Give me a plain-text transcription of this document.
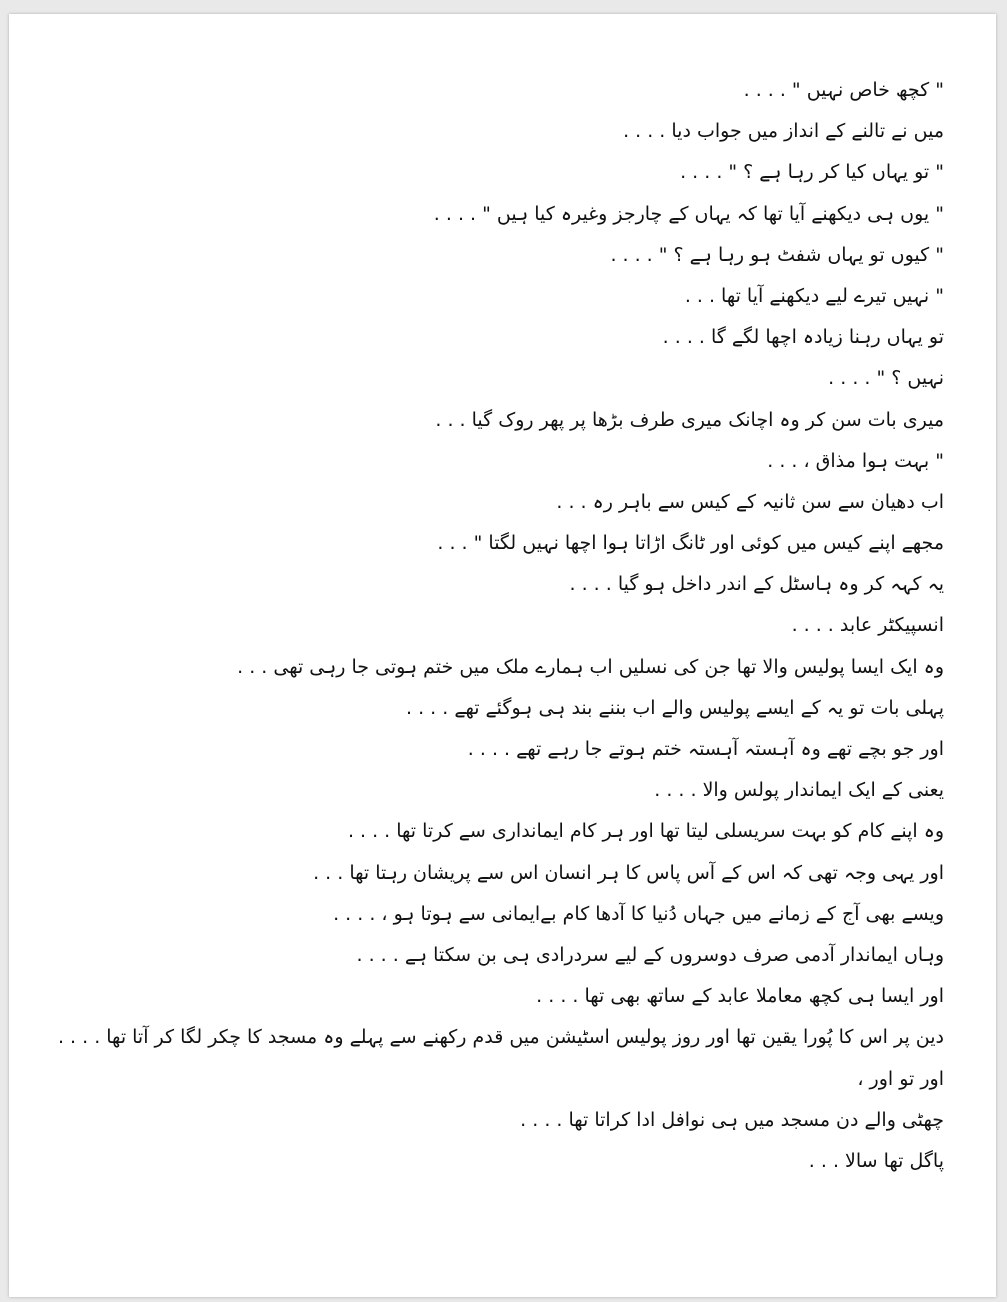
" کچھ خاص نہیں " . . . .
میں نے تالنے کے انداز میں جواب دیا . . . .
" تو یہاں کیا کر رہا ہے ؟ " . . . .
" یوں ہی دیکھنے آیا تھا کہ یہاں کے چارجز وغیرہ کیا ہیں " . . . .
" کیوں تو یہاں شفٹ ہو رہا ہے ؟ " . . . .
" نہیں تیرے لیے دیکھنے آیا تھا . . .
تو یہاں رہنا زیادہ اچھا لگے گا . . . .
نہیں ؟ " . . . .
میری بات سن کر وہ اچانک میری طرف بڑھا پر پھر روک گیا . . .
" بہت ہوا مذاق ، . . .
اب دھیان سے سن ثانیہ کے کیس سے باہر رہ . . .
مجھے اپنے کیس میں کوئی اور ٹانگ اڑاتا ہوا اچھا نہیں لگتا " . . .
یہ کہہ کر وہ ہاسٹل کے اندر داخل ہو گیا . . . .
انسپیکٹر عابد . . . .
وہ ایک ایسا پولیس والا تھا جن کی نسلیں اب ہمارے ملک میں ختم ہوتی جا رہی تھی . . .
پہلی بات تو یہ کے ایسے پولیس والے اب بننے بند ہی ہوگئے تھے . . . .
اور جو بچے تھے وہ آہستہ آہستہ ختم ہوتے جا رہے تھے . . . .
یعنی کے ایک ایماندار پولس والا . . . .
وہ اپنے کام کو بہت سریسلی لیتا تھا اور ہر کام ایمانداری سے کرتا تھا . . . .
اور یہی وجہ تھی کہ اس کے آس پاس کا ہر انسان اس سے پریشان رہتا تھا . . .
ویسے بھی آج کے زمانے میں جہاں دُنیا کا آدھا کام بےایمانی سے ہوتا ہو ، . . . .
وہاں ایماندار آدمی صرف دوسروں کے لیے سردرادی ہی بن سکتا ہے . . . .
اور ایسا ہی کچھ معاملا عابد کے ساتھ بھی تھا . . . .
دین پر اس کا پُورا یقین تھا اور روز پولیس اسٹیشن میں قدم رکھنے سے پہلے وہ مسجد کا چکر لگا کر آتا تھا . . . .
اور تو اور ،
چھٹی والے دن مسجد میں ہی نوافل ادا کراتا تھا . . . .
پاگل تھا سالا . . .
